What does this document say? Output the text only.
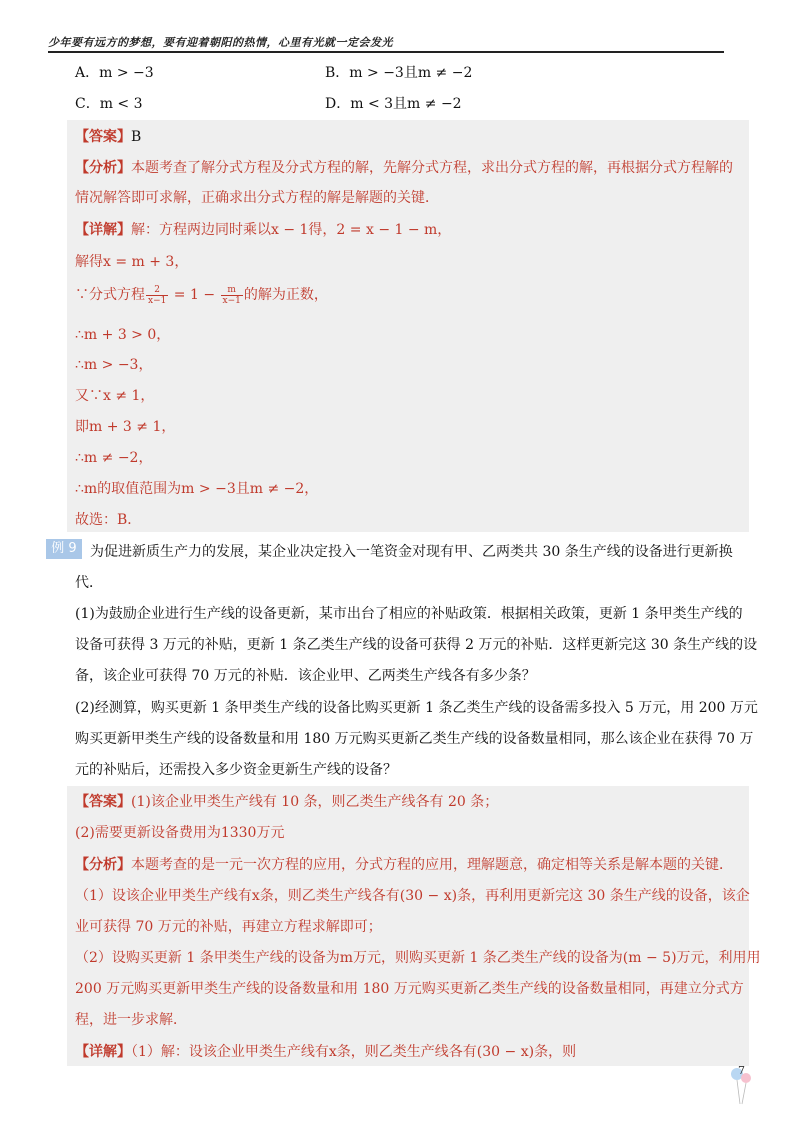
少年要有远方的梦想，要有迎着朝阳的热情，心里有光就一定会发光
A．m > −3	B．m > −3且m ≠ −2
C．m < 3	D．m < 3且m ≠ −2
【答案】B
【分析】本题考查了解分式方程及分式方程的解，先解分式方程，求出分式方程的解，再根据分式方程解的
情况解答即可求解，正确求出分式方程的解是解题的关键．
【详解】解：方程两边同时乘以x − 1得，2 = x − 1 − m，
解得x = m + 3，
∵分式方程 $\frac{2}{x-1} = 1 - \frac{m}{x-1}$ 的解为正数，
∴m + 3 > 0，
∴m > −3，
又∵x ≠ 1，
即m + 3 ≠ 1，
∴m ≠ −2，
∴m的取值范围为m > −3且m ≠ −2，
故选：B．
例 9 为促进新质生产力的发展，某企业决定投入一笔资金对现有甲、乙两类共 30 条生产线的设备进行更新换
代．
(1)为鼓励企业进行生产线的设备更新，某市出台了相应的补贴政策．根据相关政策，更新 1 条甲类生产线的
设备可获得 3 万元的补贴，更新 1 条乙类生产线的设备可获得 2 万元的补贴．这样更新完这 30 条生产线的设
备，该企业可获得 70 万元的补贴．该企业甲、乙两类生产线各有多少条？
(2)经测算，购买更新 1 条甲类生产线的设备比购买更新 1 条乙类生产线的设备需多投入 5 万元，用 200 万元
购买更新甲类生产线的设备数量和用 180 万元购买更新乙类生产线的设备数量相同，那么该企业在获得 70 万
元的补贴后，还需投入多少资金更新生产线的设备？
【答案】(1)该企业甲类生产线有 10 条，则乙类生产线各有 20 条；
(2)需要更新设备费用为1330万元
【分析】本题考查的是一元一次方程的应用，分式方程的应用，理解题意，确定相等关系是解本题的关键．
（1）设该企业甲类生产线有x条，则乙类生产线各有(30 − x)条，再利用更新完这 30 条生产线的设备，该企
业可获得 70 万元的补贴，再建立方程求解即可；
（2）设购买更新 1 条甲类生产线的设备为m万元，则购买更新 1 条乙类生产线的设备为(m − 5)万元，利用用
200 万元购买更新甲类生产线的设备数量和用 180 万元购买更新乙类生产线的设备数量相同，再建立分式方
程，进一步求解．
【详解】（1）解：设该企业甲类生产线有x条，则乙类生产线各有(30 − x)条，则
7
